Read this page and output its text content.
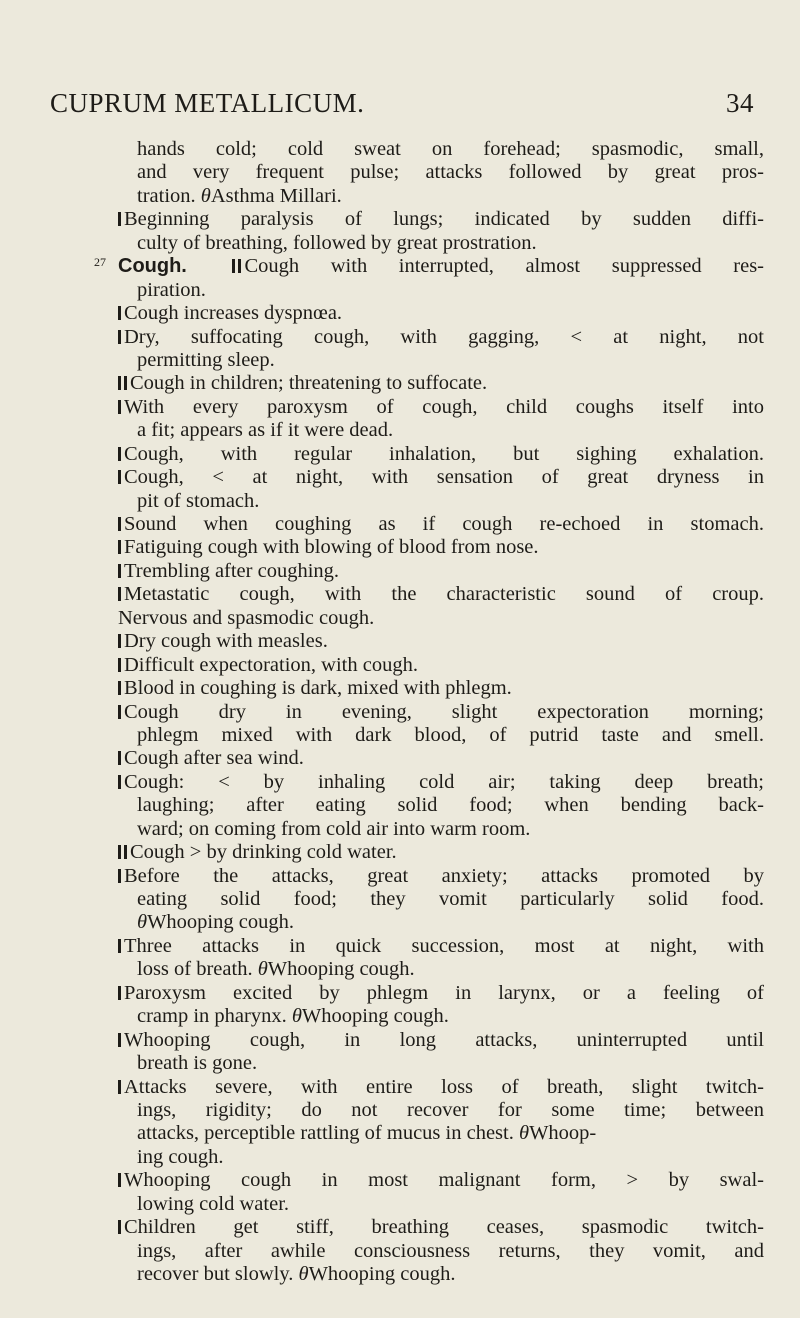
CUPRUM METALLICUM.	34
hands cold; cold sweat on forehead; spasmodic, small,
and very frequent pulse; attacks followed by great pros-
tration. θAsthma Millari.
Beginning paralysis of lungs; indicated by sudden diffi-
culty of breathing, followed by great prostration.
27 Cough.	Cough with interrupted, almost suppressed res-
piration.
Cough increases dyspnœa.
Dry, suffocating cough, with gagging, < at night, not
permitting sleep.
Cough in children; threatening to suffocate.
With every paroxysm of cough, child coughs itself into
a fit; appears as if it were dead.
Cough, with regular inhalation, but sighing exhalation.
Cough, < at night, with sensation of great dryness in
pit of stomach.
Sound when coughing as if cough re-echoed in stomach.
Fatiguing cough with blowing of blood from nose.
Trembling after coughing.
Metastatic cough, with the characteristic sound of croup.
Nervous and spasmodic cough.
Dry cough with measles.
Difficult expectoration, with cough.
Blood in coughing is dark, mixed with phlegm.
Cough dry in evening, slight expectoration morning;
phlegm mixed with dark blood, of putrid taste and smell.
Cough after sea wind.
Cough: < by inhaling cold air; taking deep breath;
laughing; after eating solid food; when bending back-
ward; on coming from cold air into warm room.
Cough > by drinking cold water.
Before the attacks, great anxiety; attacks promoted by
eating solid food; they vomit particularly solid food.
θWhooping cough.
Three attacks in quick succession, most at night, with
loss of breath. θWhooping cough.
Paroxysm excited by phlegm in larynx, or a feeling of
cramp in pharynx. θWhooping cough.
Whooping cough, in long attacks, uninterrupted until
breath is gone.
Attacks severe, with entire loss of breath, slight twitch-
ings, rigidity; do not recover for some time; between
attacks, perceptible rattling of mucus in chest. θWhoop-
ing cough.
Whooping cough in most malignant form, > by swal-
lowing cold water.
Children get stiff, breathing ceases, spasmodic twitch-
ings, after awhile consciousness returns, they vomit, and
recover but slowly. θWhooping cough.
